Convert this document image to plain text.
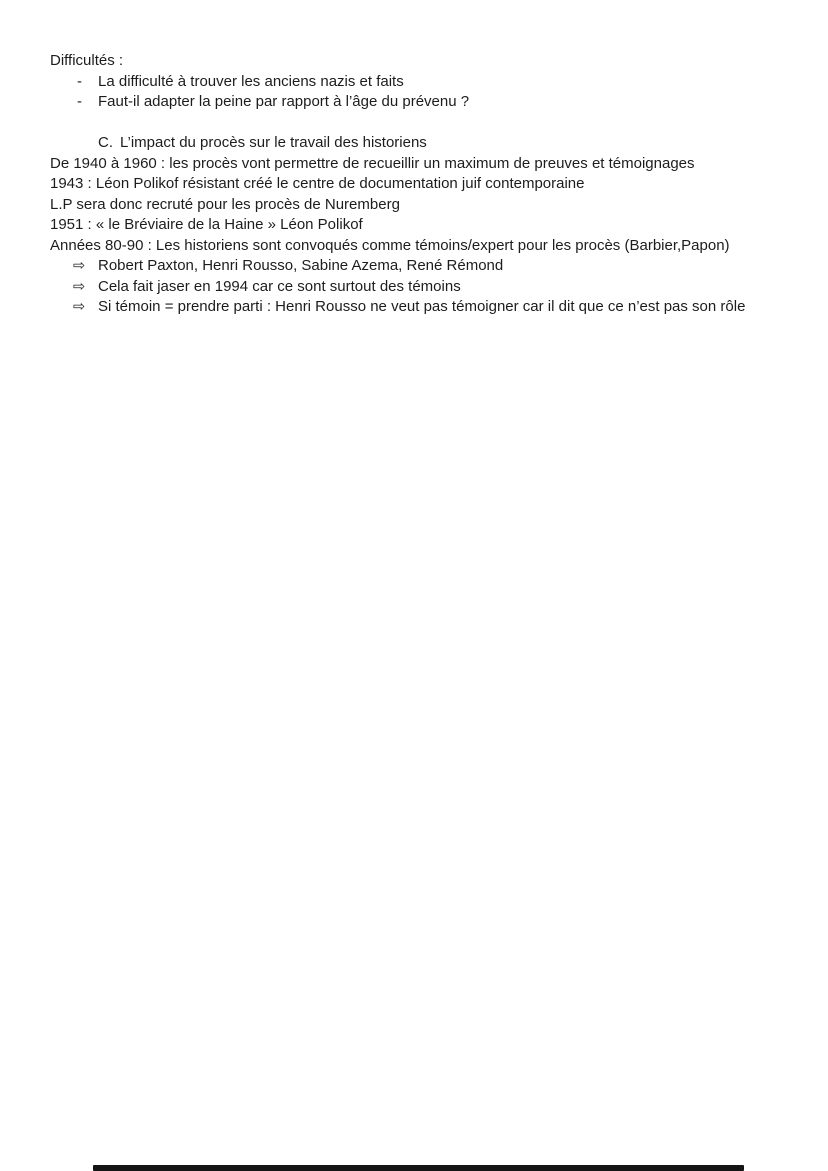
Difficultés :
- La difficulté à trouver les anciens nazis et faits
- Faut-il adapter la peine par rapport à l’âge du prévenu ?
C. L’impact du procès sur le travail des historiens
De 1940 à 1960 : les procès vont permettre de recueillir un maximum de preuves et témoignages
1943 : Léon Polikof résistant créé le centre de documentation juif contemporaine
L.P sera donc recruté pour les procès de Nuremberg
1951 : « le Bréviaire de la Haine » Léon Polikof
Années 80-90 : Les historiens sont convoqués comme témoins/expert pour les procès (Barbier,Papon)
⇨ Robert Paxton, Henri Rousso, Sabine Azema, René Rémond
⇨ Cela fait jaser en 1994 car ce sont surtout des témoins
⇨ Si témoin = prendre parti : Henri Rousso ne veut pas témoigner car il dit que ce n’est pas son rôle
